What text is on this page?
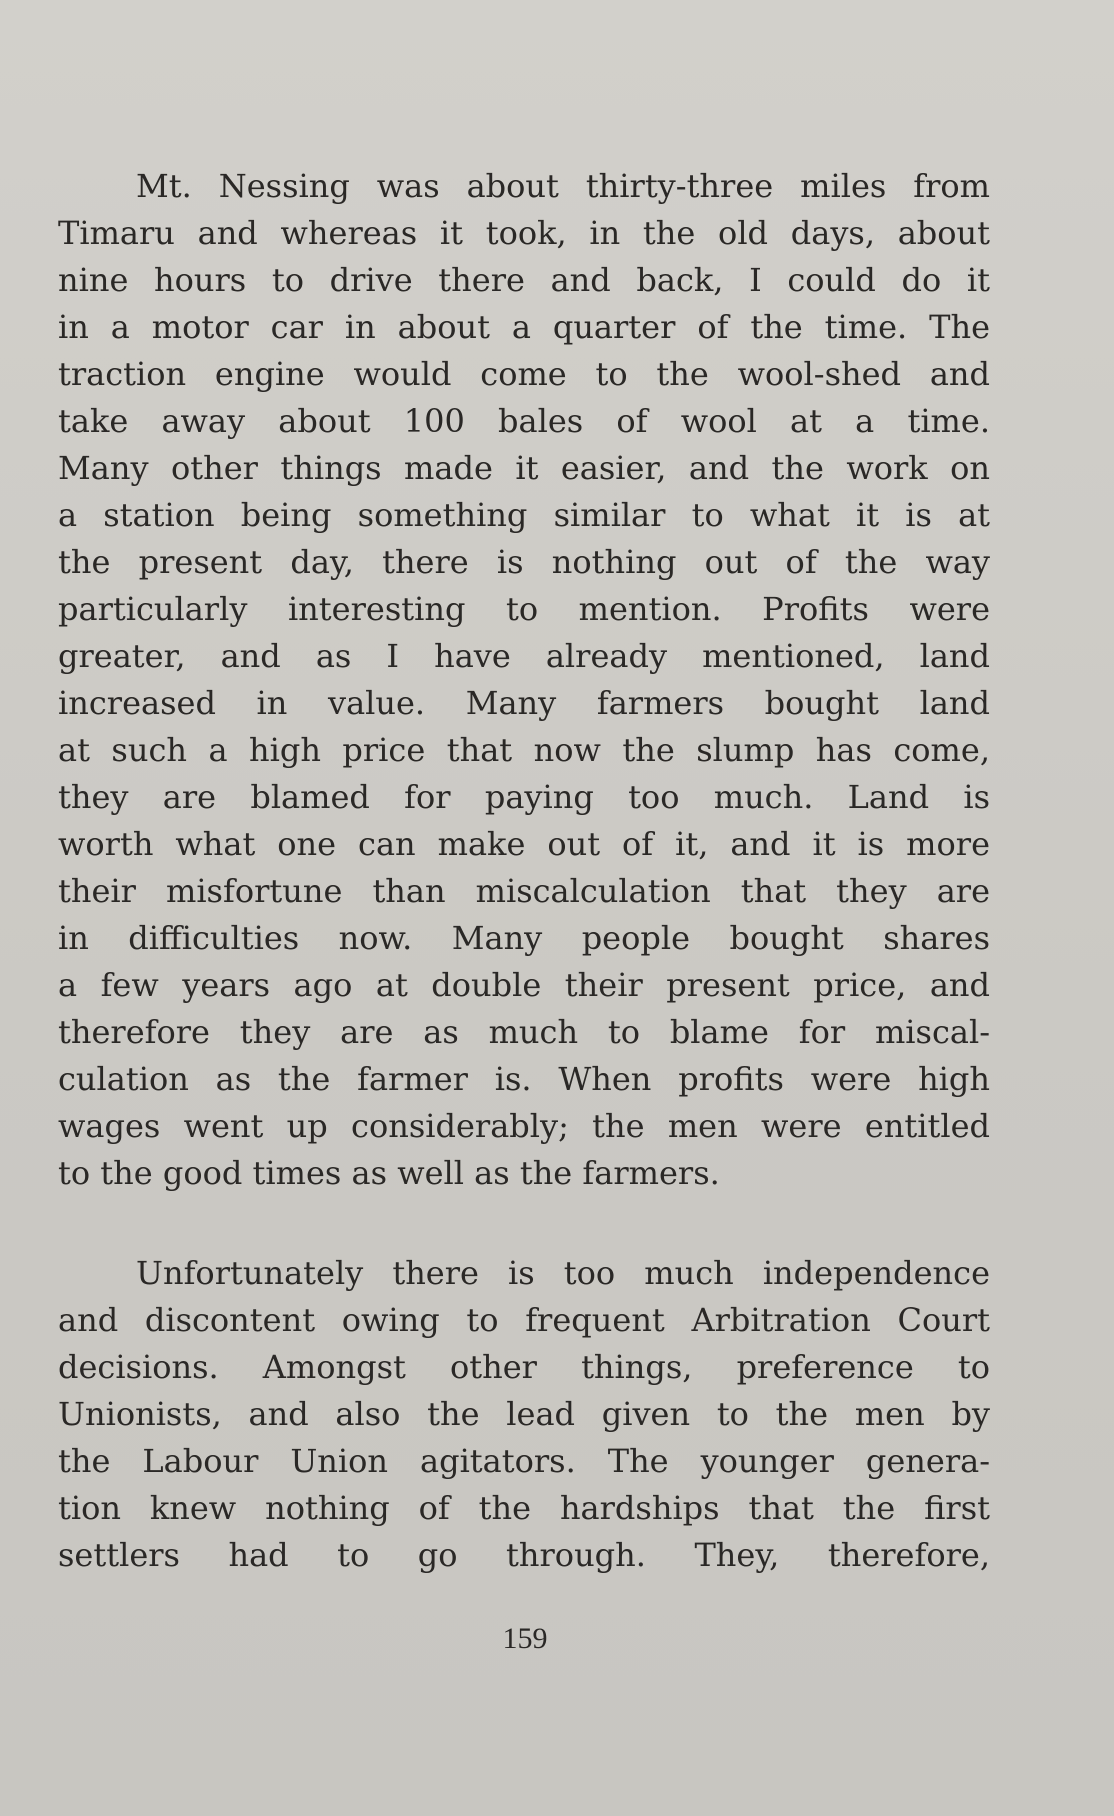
Mt. Nessing was about thirty-three miles from
Timaru and whereas it took, in the old days, about
nine hours to drive there and back, I could do it
in a motor car in about a quarter of the time. The
traction engine would come to the wool-shed and
take away about 100 bales of wool at a time.
Many other things made it easier, and the work on
a station being something similar to what it is at
the present day, there is nothing out of the way
particularly interesting to mention. Profits were
greater, and as I have already mentioned, land
increased in value. Many farmers bought land
at such a high price that now the slump has come,
they are blamed for paying too much. Land is
worth what one can make out of it, and it is more
their misfortune than miscalculation that they are
in difficulties now. Many people bought shares
a few years ago at double their present price, and
therefore they are as much to blame for miscal-
culation as the farmer is. When profits were high
wages went up considerably; the men were entitled
to the good times as well as the farmers.
Unfortunately there is too much independence
and discontent owing to frequent Arbitration Court
decisions. Amongst other things, preference to
Unionists, and also the lead given to the men by
the Labour Union agitators. The younger genera-
tion knew nothing of the hardships that the first
settlers had to go through. They, therefore,
159
